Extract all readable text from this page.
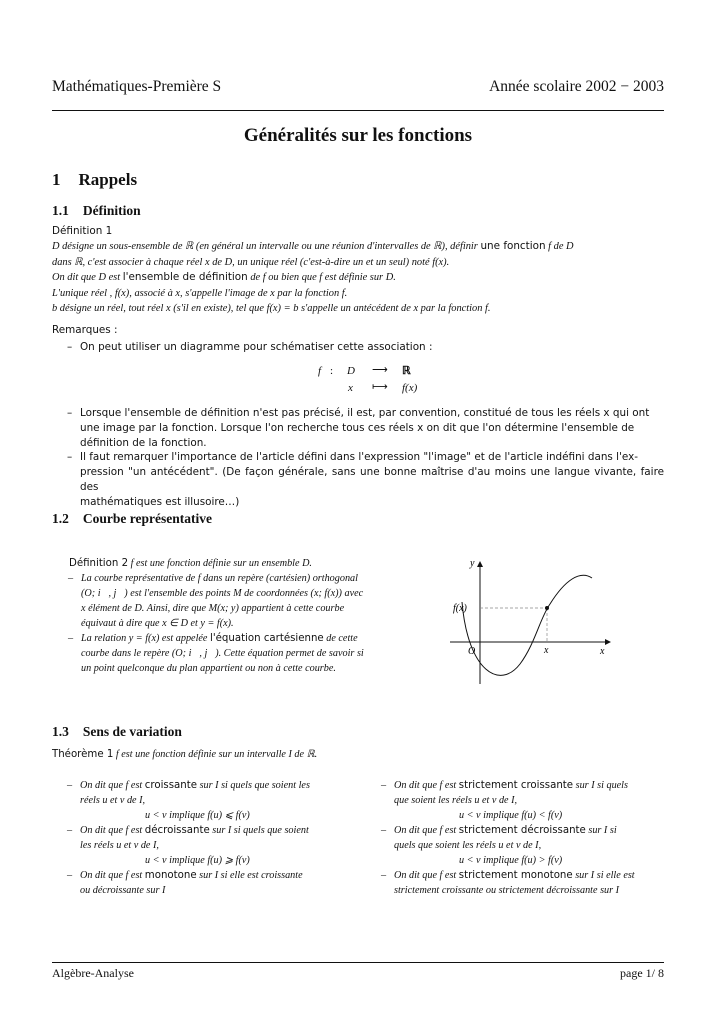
Mathématiques-Première S	Année scolaire 2002 − 2003
Généralités sur les fonctions
1 Rappels
1.1 Définition

Définition 1

D désigne un sous-ensemble de ℝ (en général un intervalle ou une réunion d'intervalles de ℝ), définir une fonction f de D

dans ℝ, c'est associer à chaque réel x de D, un unique réel (c'est-à-dire un et un seul) noté f(x).

On dit que D est l'ensemble de définition de f ou bien que f est définie sur D.

L'unique réel , f(x), associé à x, s'appelle l'image de x par la fonction f.

b désigne un réel, tout réel x (s'il en existe), tel que f(x) = b s'appelle un antécédent de x par la fonction f.

Remarques :

– On peut utiliser un diagramme pour schématiser cette association :

f : D ⟶ ℝ
x ⟼ f(x)

– Lorsque l'ensemble de définition n'est pas précisé, il est, par convention, constitué de tous les réels x qui ont

une image par la fonction. Lorsque l'on recherche tous ces réels x on dit que l'on détermine l'ensemble de

définition de la fonction.

– Il faut remarquer l'importance de l'article défini dans l'expression "l'image" et de l'article indéfini dans l'ex-

pression "un antécédent". (De façon générale, sans une bonne maîtrise d'au moins une langue vivante, faire des

mathématiques est illusoire…)

1.2 Courbe représentative

Définition 2 f est une fonction définie sur un ensemble D.

– La courbe représentative de f dans un repère (cartésien) orthogonal

(O; i⃗, j⃗) est l'ensemble des points M de coordonnées (x; f(x)) avec

x élément de D. Ainsi, dire que M(x; y) appartient à cette courbe

équivaut à dire que x ∈ D et y = f(x).

– La relation y = f(x) est appelée l'équation cartésienne de cette

courbe dans le repère (O; i⃗, j⃗). Cette équation permet de savoir si

un point quelconque du plan appartient ou non à cette courbe.

y
x
O	x
f(x)
1.3 Sens de variation
Théorème 1 f est une fonction définie sur un intervalle I de ℝ.

– On dit que f est croissante sur I si quels que soient les

réels u et v de I,

u < v implique f(u) ⩽ f(v)

– On dit que f est décroissante sur I si quels que soient

les réels u et v de I,

u < v implique f(u) ⩾ f(v)

– On dit que f est monotone sur I si elle est croissante

ou décroissante sur I

– On dit que f est strictement croissante sur I si quels

que soient les réels u et v de I,

u < v implique f(u) < f(v)

– On dit que f est strictement décroissante sur I si

quels que soient les réels u et v de I,

u < v implique f(u) > f(v)

– On dit que f est strictement monotone sur I si elle est

strictement croissante ou strictement décroissante sur I

Algèbre-Analyse	page 1/ 8
